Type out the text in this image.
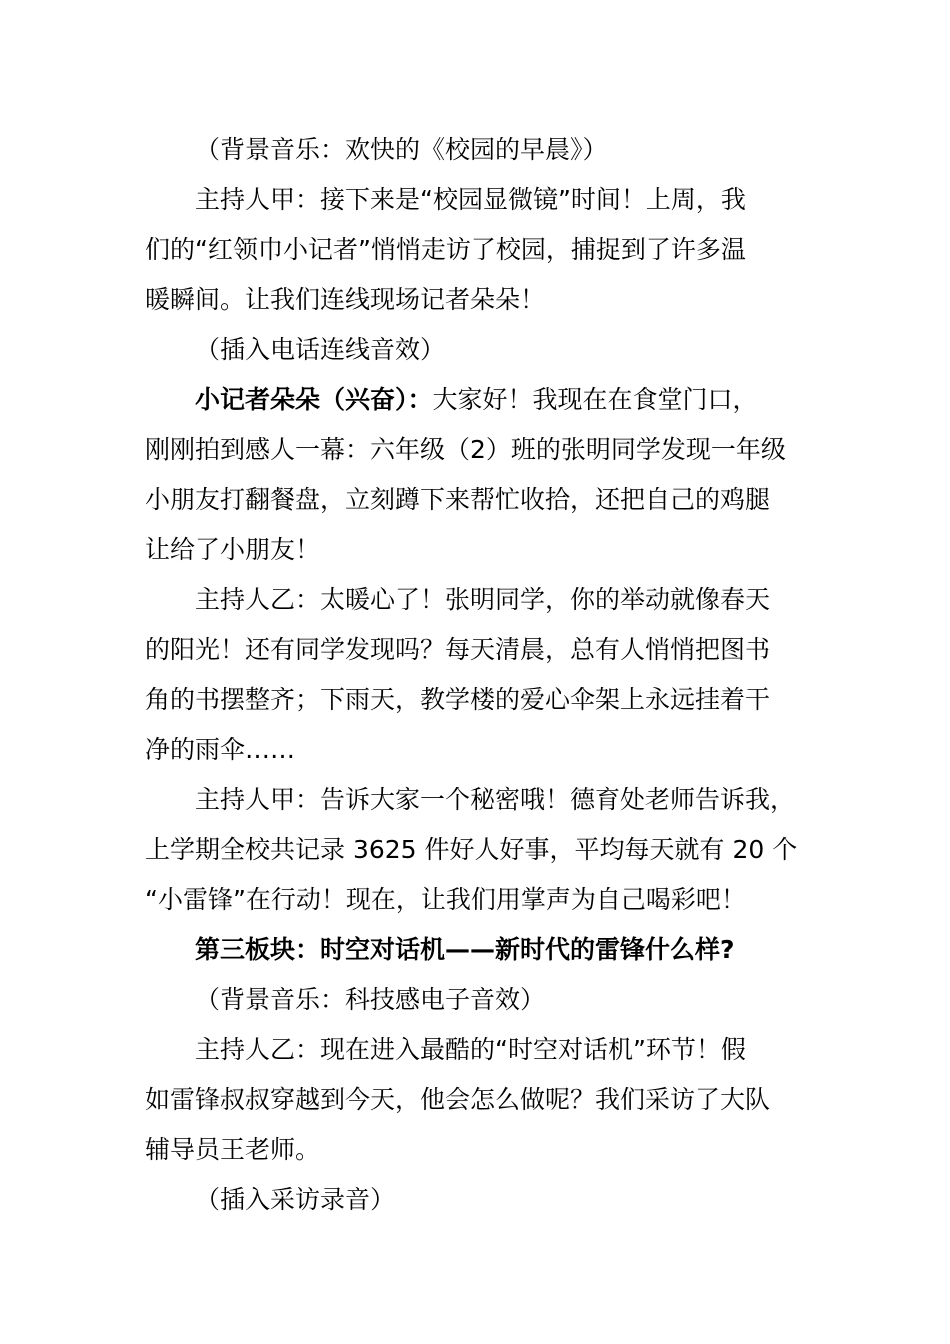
（背景音乐：欢快的《校园的早晨》）
主持人甲：接下来是“校园显微镜”时间！上周，我
们的“红领巾小记者”悄悄走访了校园，捕捉到了许多温
暖瞬间。让我们连线现场记者朵朵！
（插入电话连线音效）
小记者朵朵（兴奋）：大家好！我现在在食堂门口，
刚刚拍到感人一幕：六年级（2）班的张明同学发现一年级
小朋友打翻餐盘，立刻蹲下来帮忙收拾，还把自己的鸡腿
让给了小朋友！
主持人乙：太暖心了！张明同学，你的举动就像春天
的阳光！还有同学发现吗？每天清晨，总有人悄悄把图书
角的书摆整齐；下雨天，教学楼的爱心伞架上永远挂着干
净的雨伞……
主持人甲：告诉大家一个秘密哦！德育处老师告诉我，
上学期全校共记录 3625 件好人好事，平均每天就有 20 个
“小雷锋”在行动！现在，让我们用掌声为自己喝彩吧！
第三板块：时空对话机——新时代的雷锋什么样?
（背景音乐：科技感电子音效）
主持人乙：现在进入最酷的“时空对话机”环节！假
如雷锋叔叔穿越到今天，他会怎么做呢？我们采访了大队
辅导员王老师。
（插入采访录音）
